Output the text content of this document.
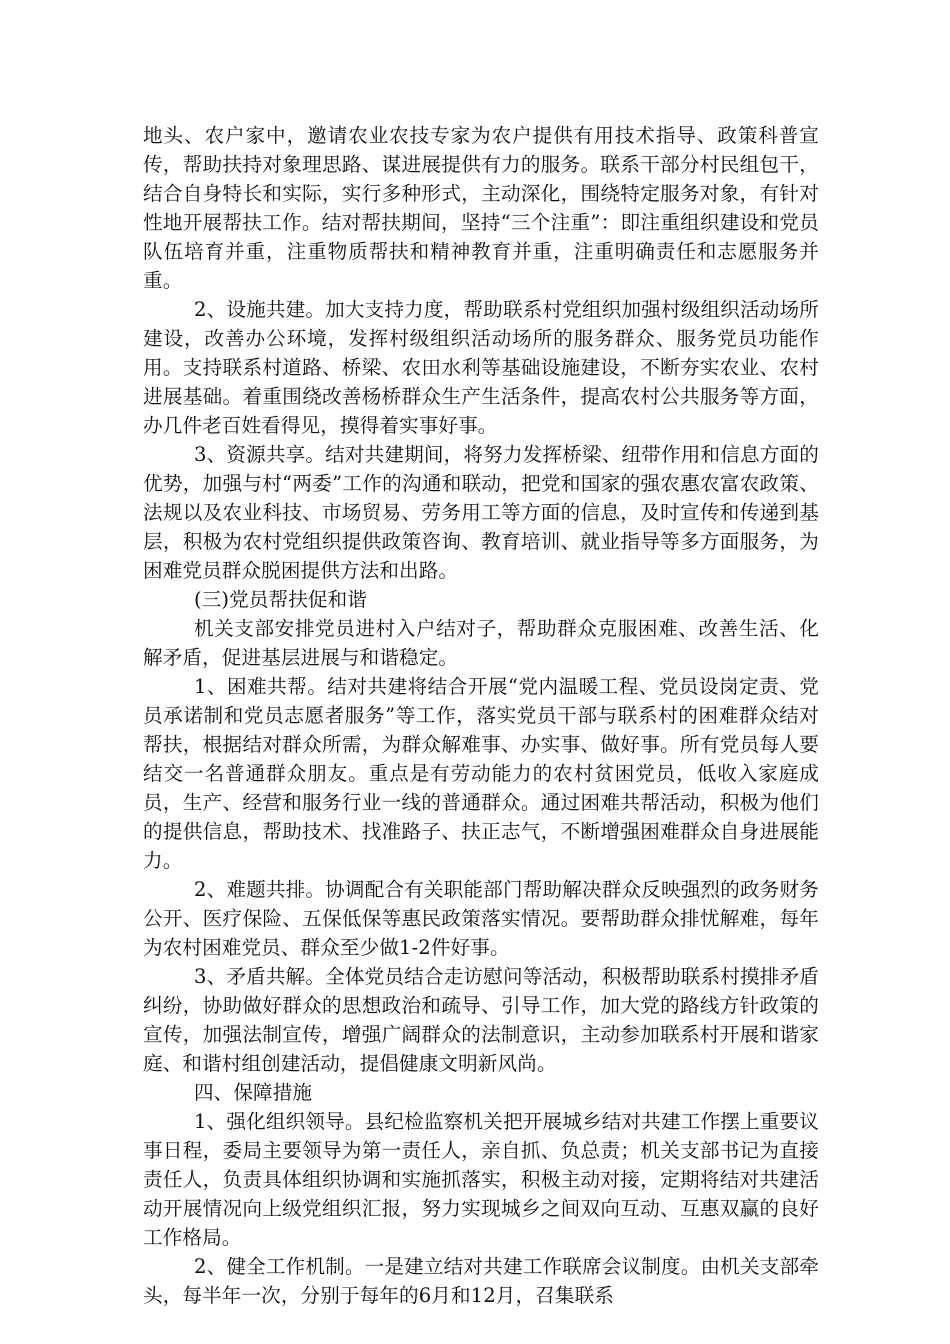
地头、农户家中，邀请农业农技专家为农户提供有用技术指导、政策科普宣传，帮助扶持对象理思路、谋进展提供有力的服务。联系干部分村民组包干，结合自身特长和实际，实行多种形式，主动深化，围绕特定服务对象，有针对性地开展帮扶工作。结对帮扶期间，坚持“三个注重”：即注重组织建设和党员队伍培育并重，注重物质帮扶和精神教育并重，注重明确责任和志愿服务并重。

2、设施共建。加大支持力度，帮助联系村党组织加强村级组织活动场所建设，改善办公环境，发挥村级组织活动场所的服务群众、服务党员功能作用。支持联系村道路、桥梁、农田水利等基础设施建设，不断夯实农业、农村进展基础。着重围绕改善杨桥群众生产生活条件，提高农村公共服务等方面，办几件老百姓看得见，摸得着实事好事。

3、资源共享。结对共建期间，将努力发挥桥梁、纽带作用和信息方面的优势，加强与村“两委”工作的沟通和联动，把党和国家的强农惠农富农政策、法规以及农业科技、市场贸易、劳务用工等方面的信息，及时宣传和传递到基层，积极为农村党组织提供政策咨询、教育培训、就业指导等多方面服务，为困难党员群众脱困提供方法和出路。

(三)党员帮扶促和谐

机关支部安排党员进村入户结对子，帮助群众克服困难、改善生活、化解矛盾，促进基层进展与和谐稳定。

1、困难共帮。结对共建将结合开展“党内温暖工程、党员设岗定责、党员承诺制和党员志愿者服务”等工作，落实党员干部与联系村的困难群众结对帮扶，根据结对群众所需，为群众解难事、办实事、做好事。所有党员每人要结交一名普通群众朋友。重点是有劳动能力的农村贫困党员，低收入家庭成员，生产、经营和服务行业一线的普通群众。通过困难共帮活动，积极为他们的提供信息，帮助技术、找准路子、扶正志气，不断增强困难群众自身进展能力。

2、难题共排。协调配合有关职能部门帮助解决群众反映强烈的政务财务公开、医疗保险、五保低保等惠民政策落实情况。要帮助群众排忧解难，每年为农村困难党员、群众至少做1-2件好事。

3、矛盾共解。全体党员结合走访慰问等活动，积极帮助联系村摸排矛盾纠纷，协助做好群众的思想政治和疏导、引导工作，加大党的路线方针政策的宣传，加强法制宣传，增强广阔群众的法制意识，主动参加联系村开展和谐家庭、和谐村组创建活动，提倡健康文明新风尚。

四、保障措施

1、强化组织领导。县纪检监察机关把开展城乡结对共建工作摆上重要议事日程，委局主要领导为第一责任人，亲自抓、负总责；机关支部书记为直接责任人，负责具体组织协调和实施抓落实，积极主动对接，定期将结对共建活动开展情况向上级党组织汇报，努力实现城乡之间双向互动、互惠双赢的良好工作格局。

2、健全工作机制。一是建立结对共建工作联席会议制度。由机关支部牵头，每半年一次，分别于每年的6月和12月，召集联系
